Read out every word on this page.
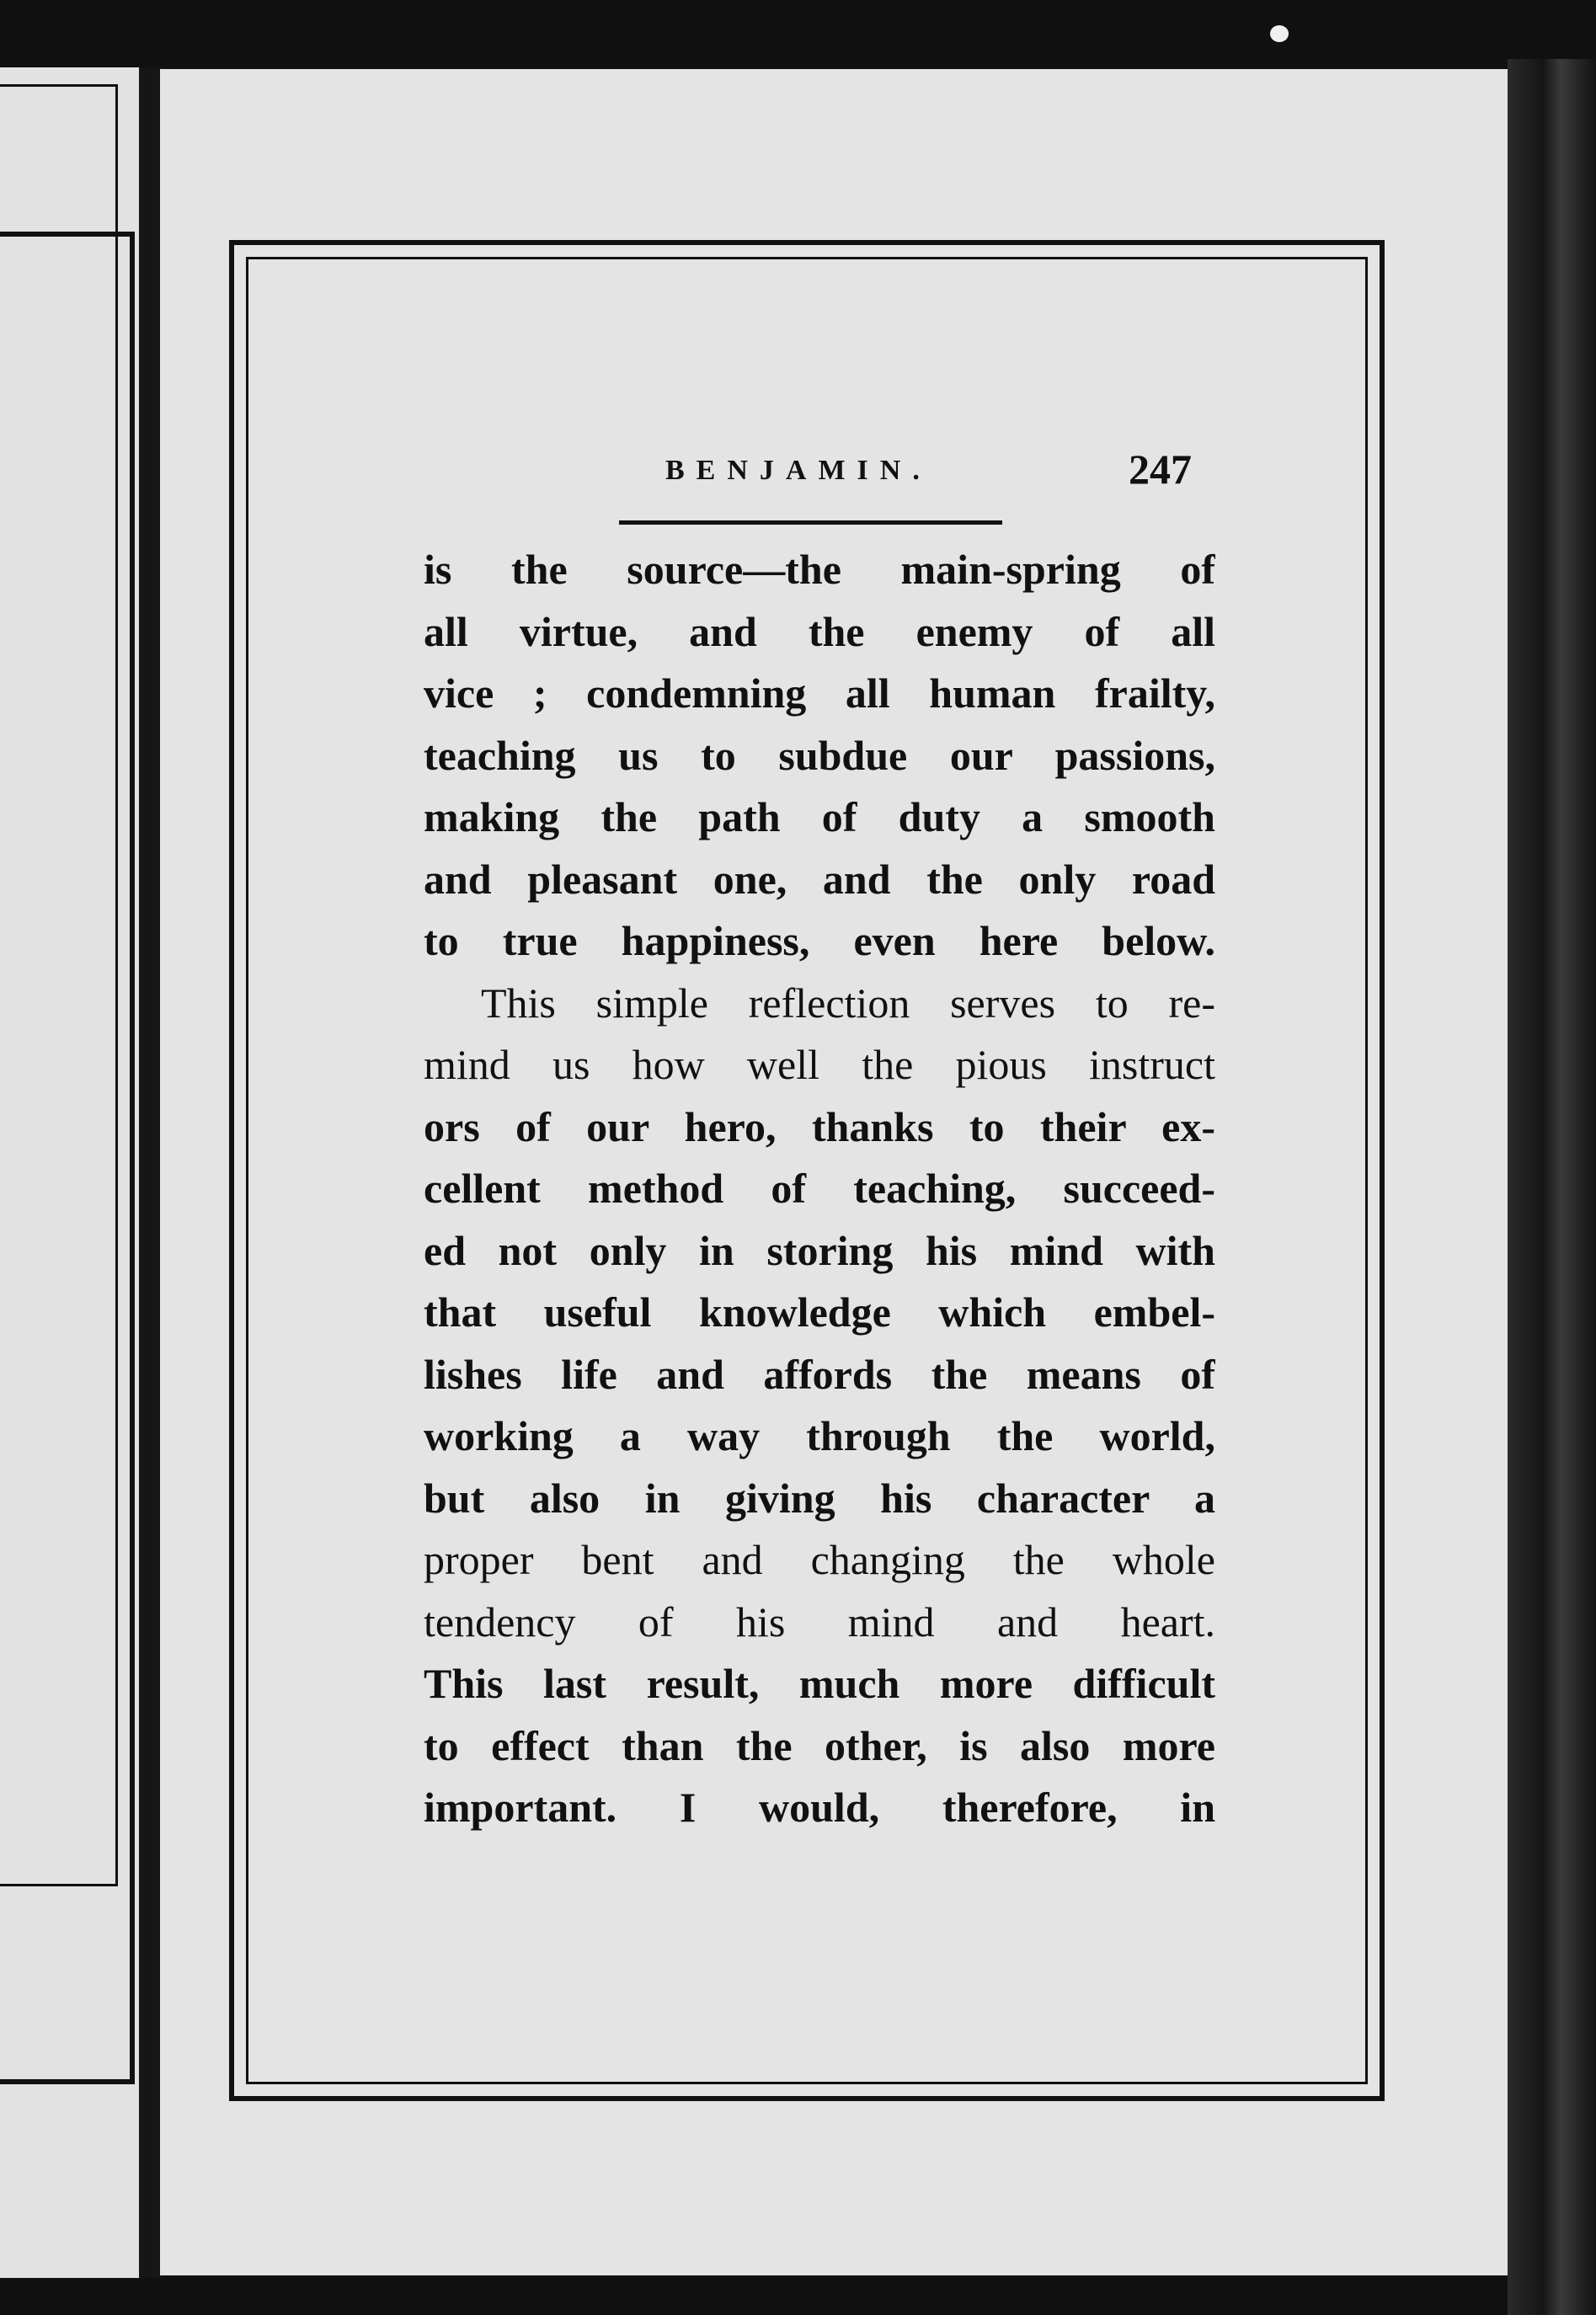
BENJAMIN.	247
is the source—the main-spring of
all virtue, and the enemy of all
vice ; condemning all human frailty,
teaching us to subdue our passions,
making the path of duty a smooth
and pleasant one, and the only road
to true happiness, even here below.
This simple reflection serves to re-
mind us how well the pious instruct
ors of our hero, thanks to their ex-
cellent method of teaching, succeed-
ed not only in storing his mind with
that useful knowledge which embel-
lishes life and affords the means of
working a way through the world,
but also in giving his character a
proper bent and changing the whole
tendency of his mind and heart.
This last result, much more difficult
to effect than the other, is also more
important. I would, therefore, in
